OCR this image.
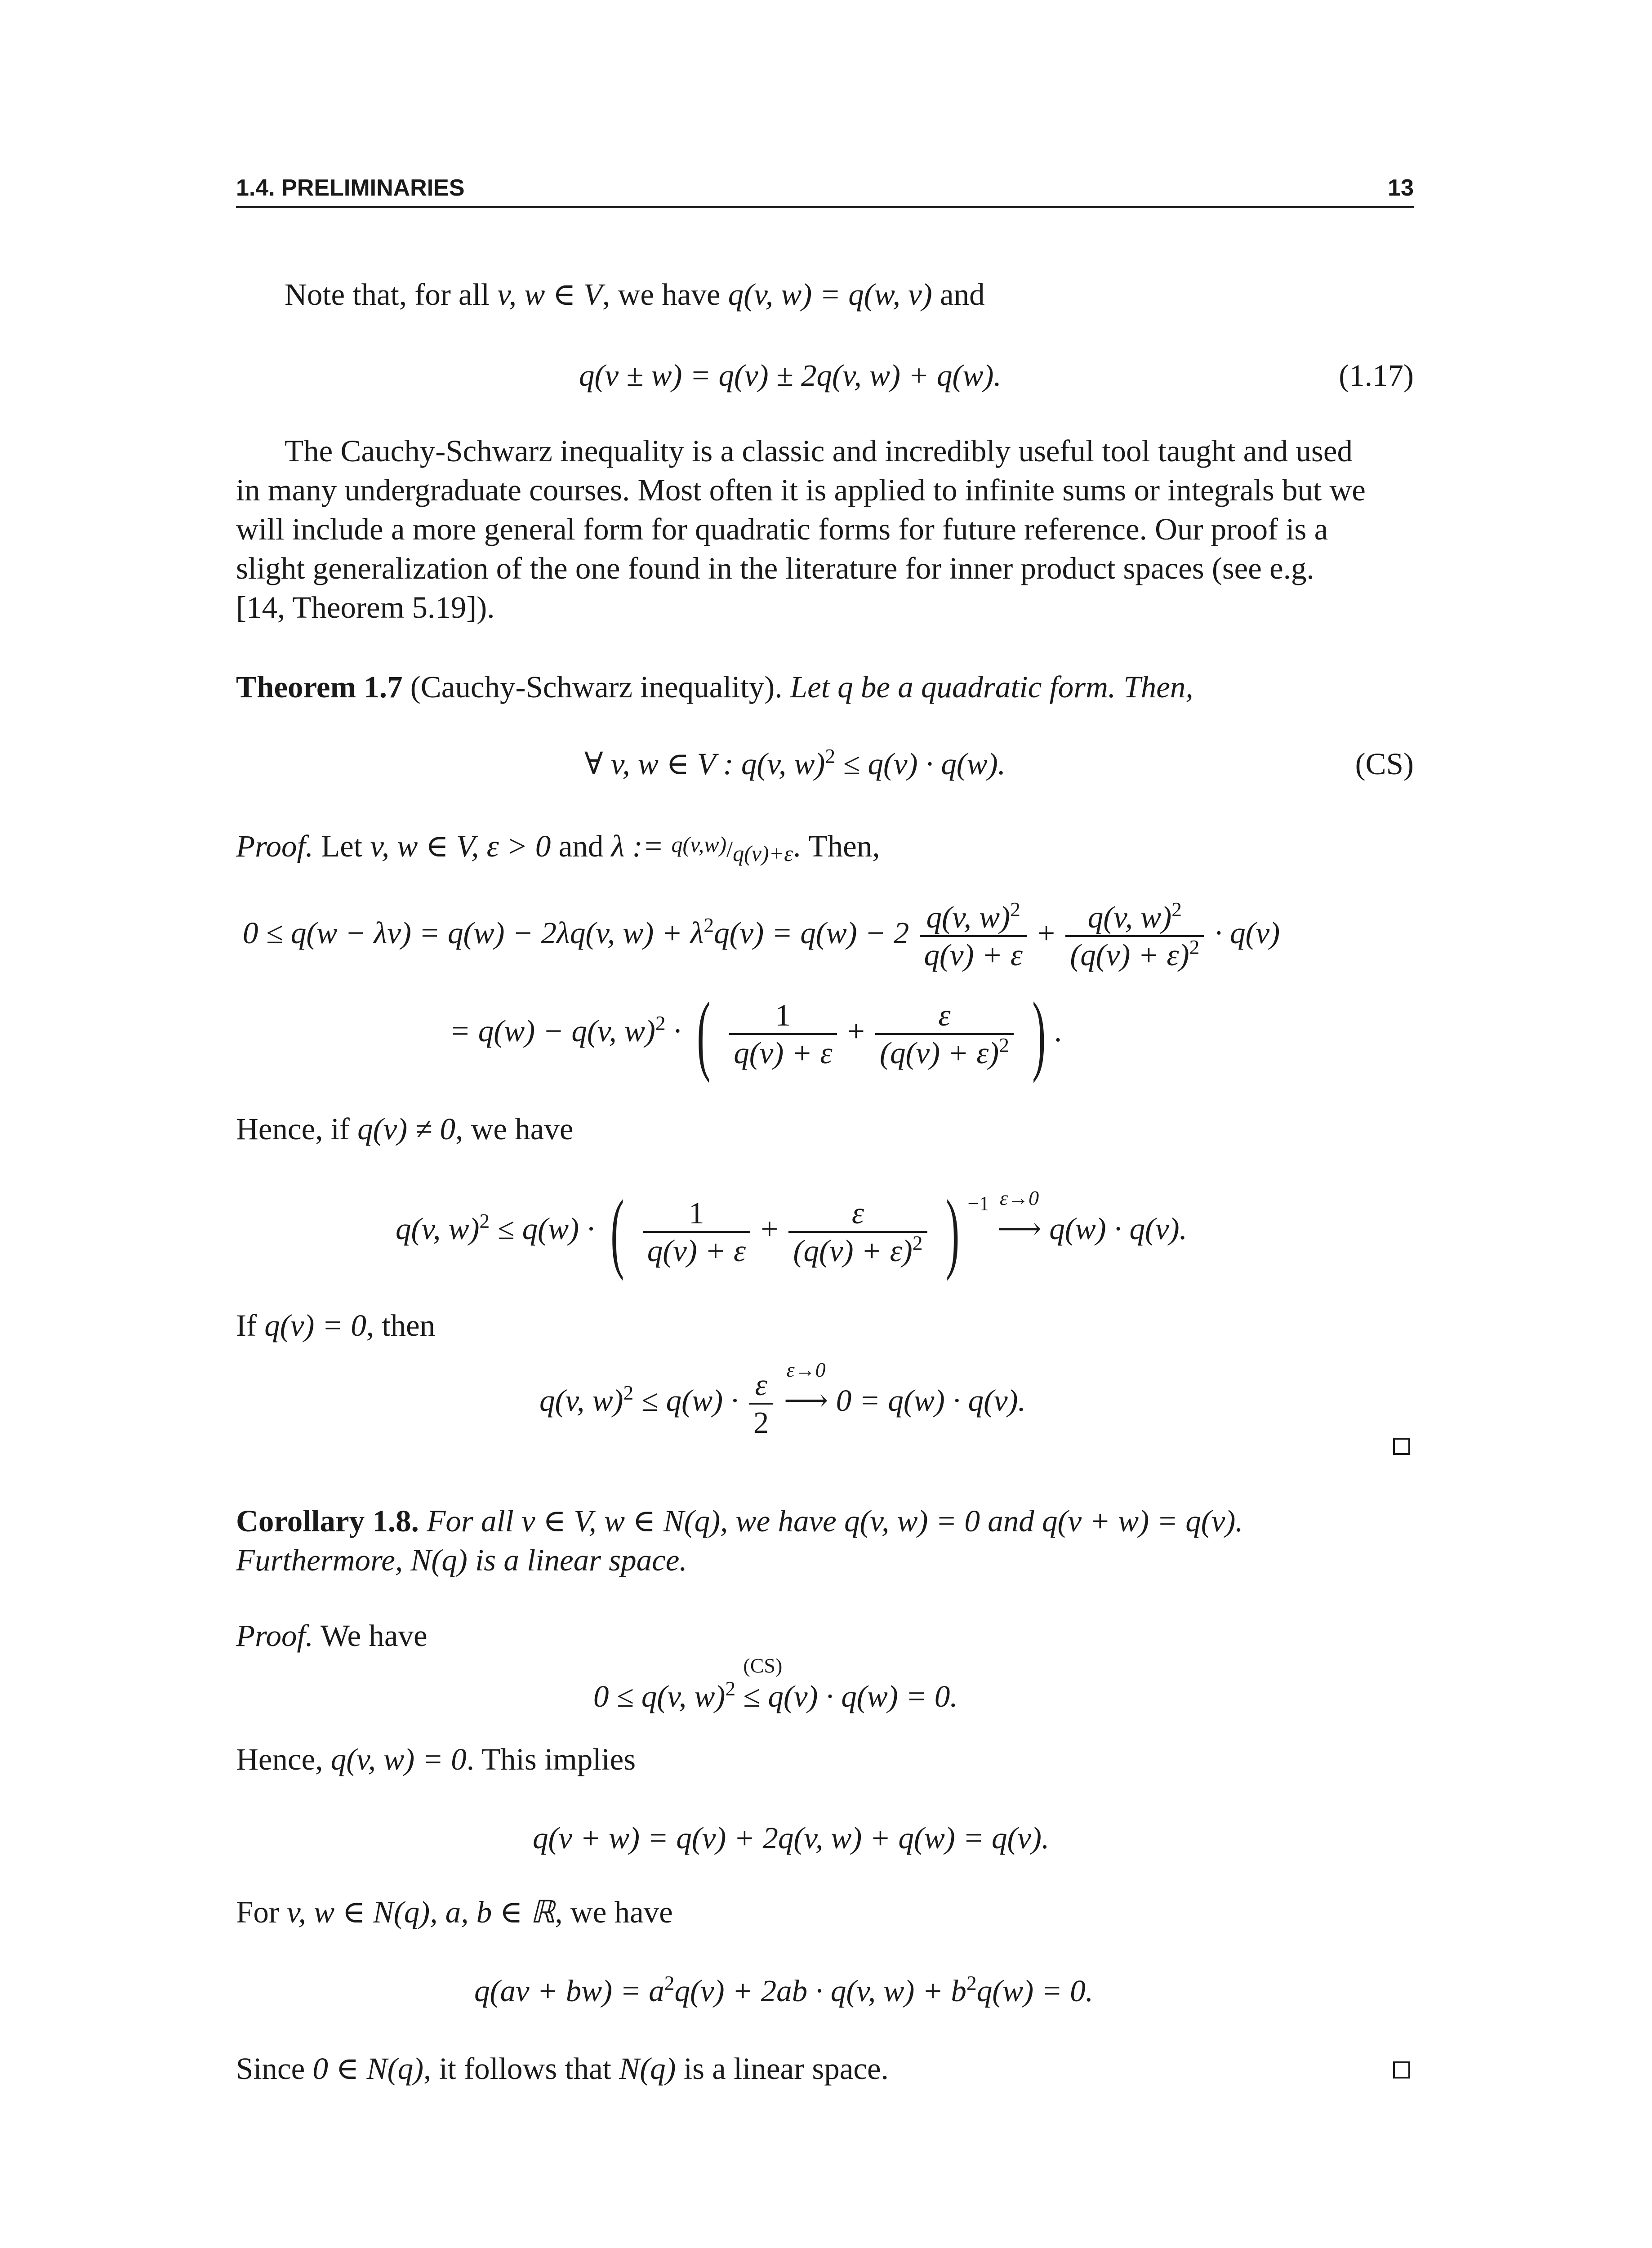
1.4. PRELIMINARIES	13
Note that, for all v, w ∈ V, we have q(v, w) = q(w, v) and
q(v ± w) = q(v) ± 2q(v, w) + q(w).	(1.17)
The Cauchy-Schwarz inequality is a classic and incredibly useful tool taught and used
in many undergraduate courses. Most often it is applied to infinite sums or integrals but we
will include a more general form for quadratic forms for future reference. Our proof is a
slight generalization of the one found in the literature for inner product spaces (see e.g.
[14, Theorem 5.19]).
Theorem 1.7 (Cauchy-Schwarz inequality). Let q be a quadratic form. Then,
∀ v, w ∈ V : q(v, w)$^2$ ≤ q(v) · q(w).	(CS)
Proof. Let v, w ∈ V, ε > 0 and λ := q(v,w)/q(v)+ε. Then,
0 ≤ q(w − λv) = q(w) − 2λq(v, $w) + \lambda^2q(v) = q(w) - 2 \frac{q(v, w)^2}{q(v) + \varepsilon} + \frac{q(v, w)^2}{(q(v) + \varepsilon)^2} \cdot q(v)$
= q(w) − q(v, w)$^2$ · ( $\frac{1}{q(v) + \varepsilon} + \frac{\varepsilon}{(q(v) + \varepsilon)^2}$ ) .
Hence, if q(v) ≠ 0, we have
q(v, w)$^2$ ≤ q(w) · ( $\frac{1}{q(v) + \varepsilon} + \frac{\varepsilon}{(q(v) + \varepsilon)^2}$ ) $^{-1}$ ε→0
⟶ q(w) · q(v).
If q(v) = 0, then
q(v, $w)^2 \le q(w) \cdot \frac{\varepsilon}{2}$
ε→0
⟶ 0 = q(w) · q(v).
Corollary 1.8. For all v ∈ V, w ∈ N(q), we have q(v, w) = 0 and q(v + w) = q(v).
Furthermore, N(q) is a linear space.
Proof. We have
0 ≤ q(v, w)$^2$
(CS)
≤ q(v) · q(w) = 0.
Hence, q(v, w) = 0. This implies
q(v + w) = q(v) + 2q(v, w) + q(w) = q(v).
For v, w ∈ N(q), a, b ∈ ℝ, we have
$q(av + bw) = a^2q(v) + 2ab \cdot q(v$, $w) + b^2q(w) = 0$.
Since 0 ∈ N(q), it follows that N(q) is a linear space.
